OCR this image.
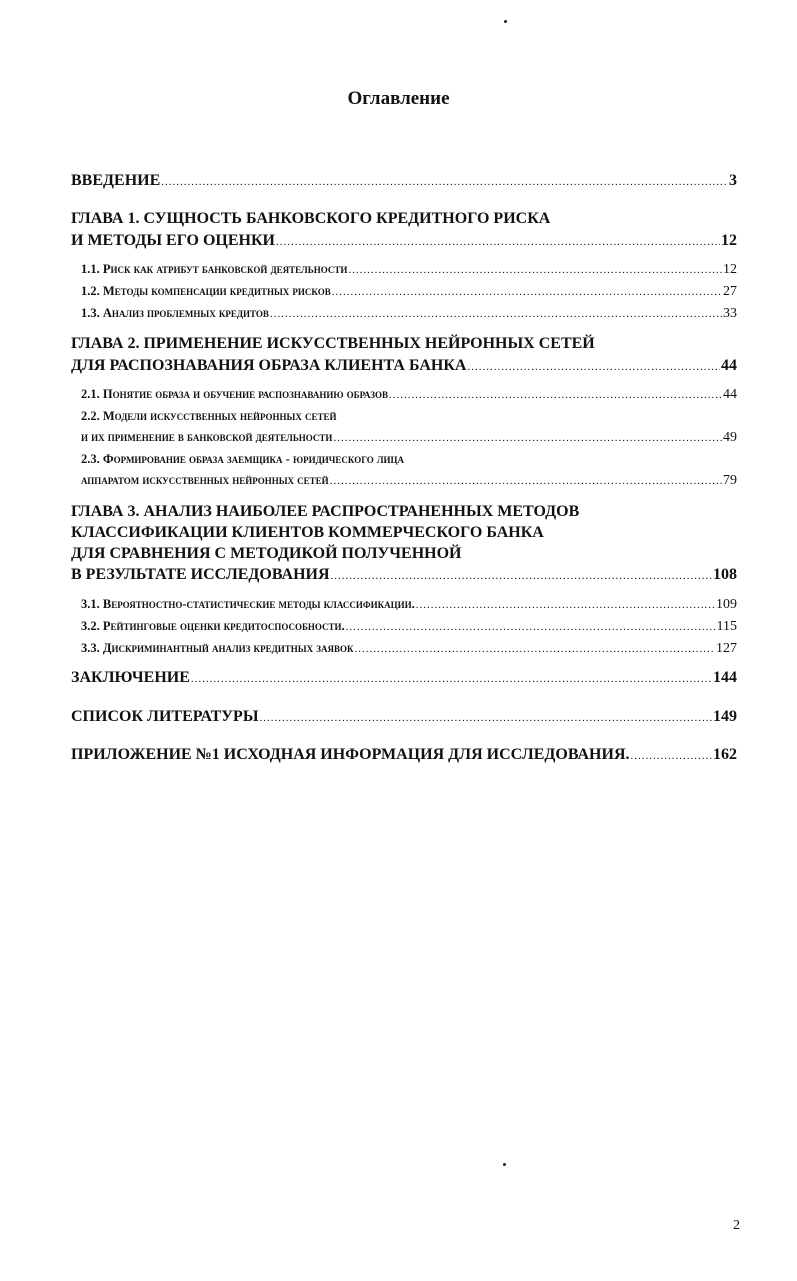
Оглавление
ВВЕДЕНИЕ .....	3
ГЛАВА 1. СУЩНОСТЬ БАНКОВСКОГО КРЕДИТНОГО РИСКА
И МЕТОДЫ ЕГО ОЦЕНКИ .....	12
1.1. Риск как атрибут банковской деятельности .....	12
1.2. Методы компенсации кредитных рисков .....	27
1.3. Анализ проблемных кредитов .....	33
ГЛАВА 2. ПРИМЕНЕНИЕ ИСКУССТВЕННЫХ НЕЙРОННЫХ СЕТЕЙ
ДЛЯ РАСПОЗНАВАНИЯ ОБРАЗА КЛИЕНТА БАНКА .....	44
2.1. Понятие образа и обучение распознаванию образов .....	44
2.2. Модели искусственных нейронных сетей
и их применение в банковской деятельности .....	49
2.3. Формирование образа заемщика - юридического лица
аппаратом искусственных нейронных сетей .....	79
ГЛАВА 3. АНАЛИЗ НАИБОЛЕЕ РАСПРОСТРАНЕННЫХ МЕТОДОВ
КЛАССИФИКАЦИИ КЛИЕНТОВ КОММЕРЧЕСКОГО БАНКА
ДЛЯ СРАВНЕНИЯ С МЕТОДИКОЙ ПОЛУЧЕННОЙ
В РЕЗУЛЬТАТЕ ИССЛЕДОВАНИЯ .....	108
3.1. Вероятностно-статистические методы классификации. .....	109
3.2. Рейтинговые оценки кредитоспособности. .....	115
3.3. Дискриминантный анализ кредитных заявок .....	127
ЗАКЛЮЧЕНИЕ .....	144
СПИСОК ЛИТЕРАТУРЫ .....	149
ПРИЛОЖЕНИЕ №1 ИСХОДНАЯ ИНФОРМАЦИЯ ДЛЯ ИССЛЕДОВАНИЯ. .....	162
2
